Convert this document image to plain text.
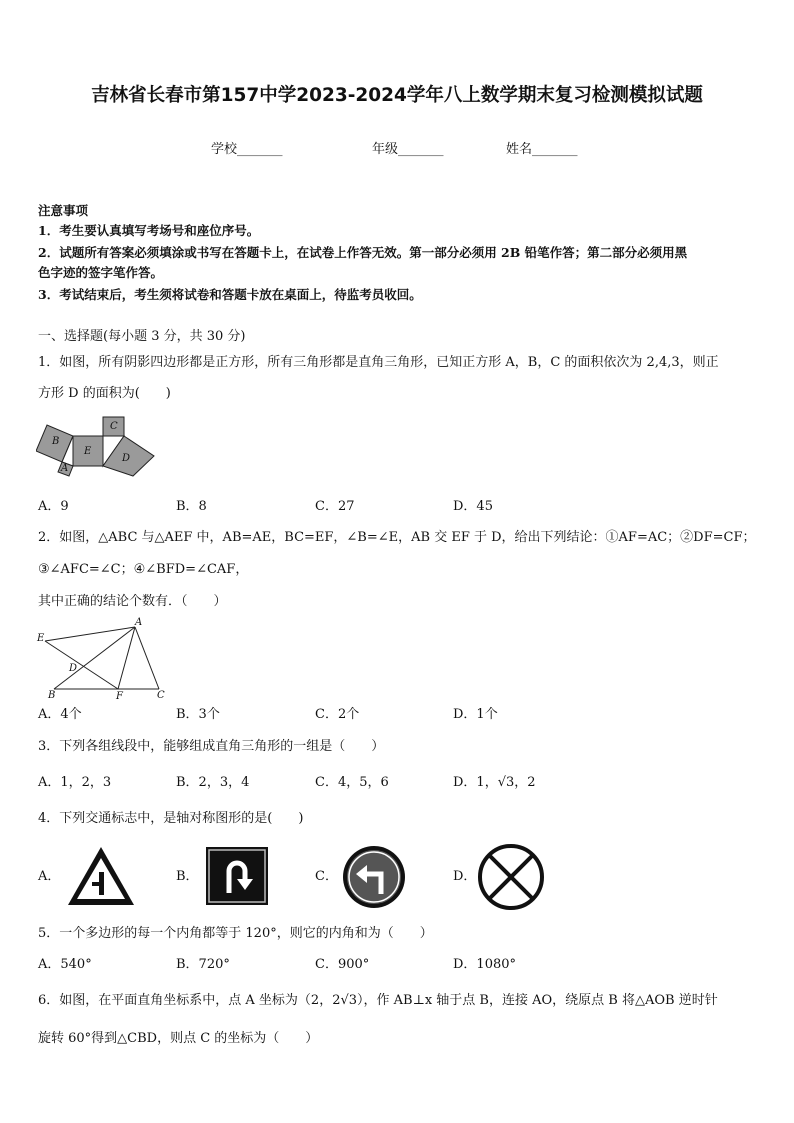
吉林省长春市第157中学2023-2024学年八上数学期末复习检测模拟试题
学校_______	年级_______	姓名_______
注意事项
1．考生要认真填写考场号和座位序号。
2．试题所有答案必须填涂或书写在答题卡上，在试卷上作答无效。第一部分必须用 2B 铅笔作答；第二部分必须用黑
色字迹的签字笔作答。
3．考试结束后，考生须将试卷和答题卡放在桌面上，待监考员收回。
一、选择题(每小题 3 分，共 30 分)
1．如图，所有阴影四边形都是正方形，所有三角形都是直角三角形，已知正方形 A，B，C 的面积依次为 2,4,3，则正
方形 D 的面积为(　　)
B
A
E
C
D
A．9	B．8	C．27	D．45
2．如图，△ABC 与△AEF 中，AB=AE，BC=EF，∠B=∠E，AB 交 EF 于 D，给出下列结论：①AF=AC；②DF=CF；
③∠AFC=∠C；④∠BFD=∠CAF，
其中正确的结论个数有．（　　）
E
A
D
B	F	C
A．4个	B．3个	C．2个	D．1个
3．下列各组线段中，能够组成直角三角形的一组是（　　）
A．1，2，3	B．2，3，4	C．4，5，6	D．1，√3，2
4．下列交通标志中，是轴对称图形的是(　　)
A．	B．	C．	D．
5．一个多边形的每一个内角都等于 120°，则它的内角和为（　　）
A．540°	B．720°	C．900°	D．1080°
6．如图，在平面直角坐标系中，点 A 坐标为（2，2√3），作 AB⊥x 轴于点 B，连接 AO，绕原点 B 将△AOB 逆时针
旋转 60°得到△CBD，则点 C 的坐标为（　　）
